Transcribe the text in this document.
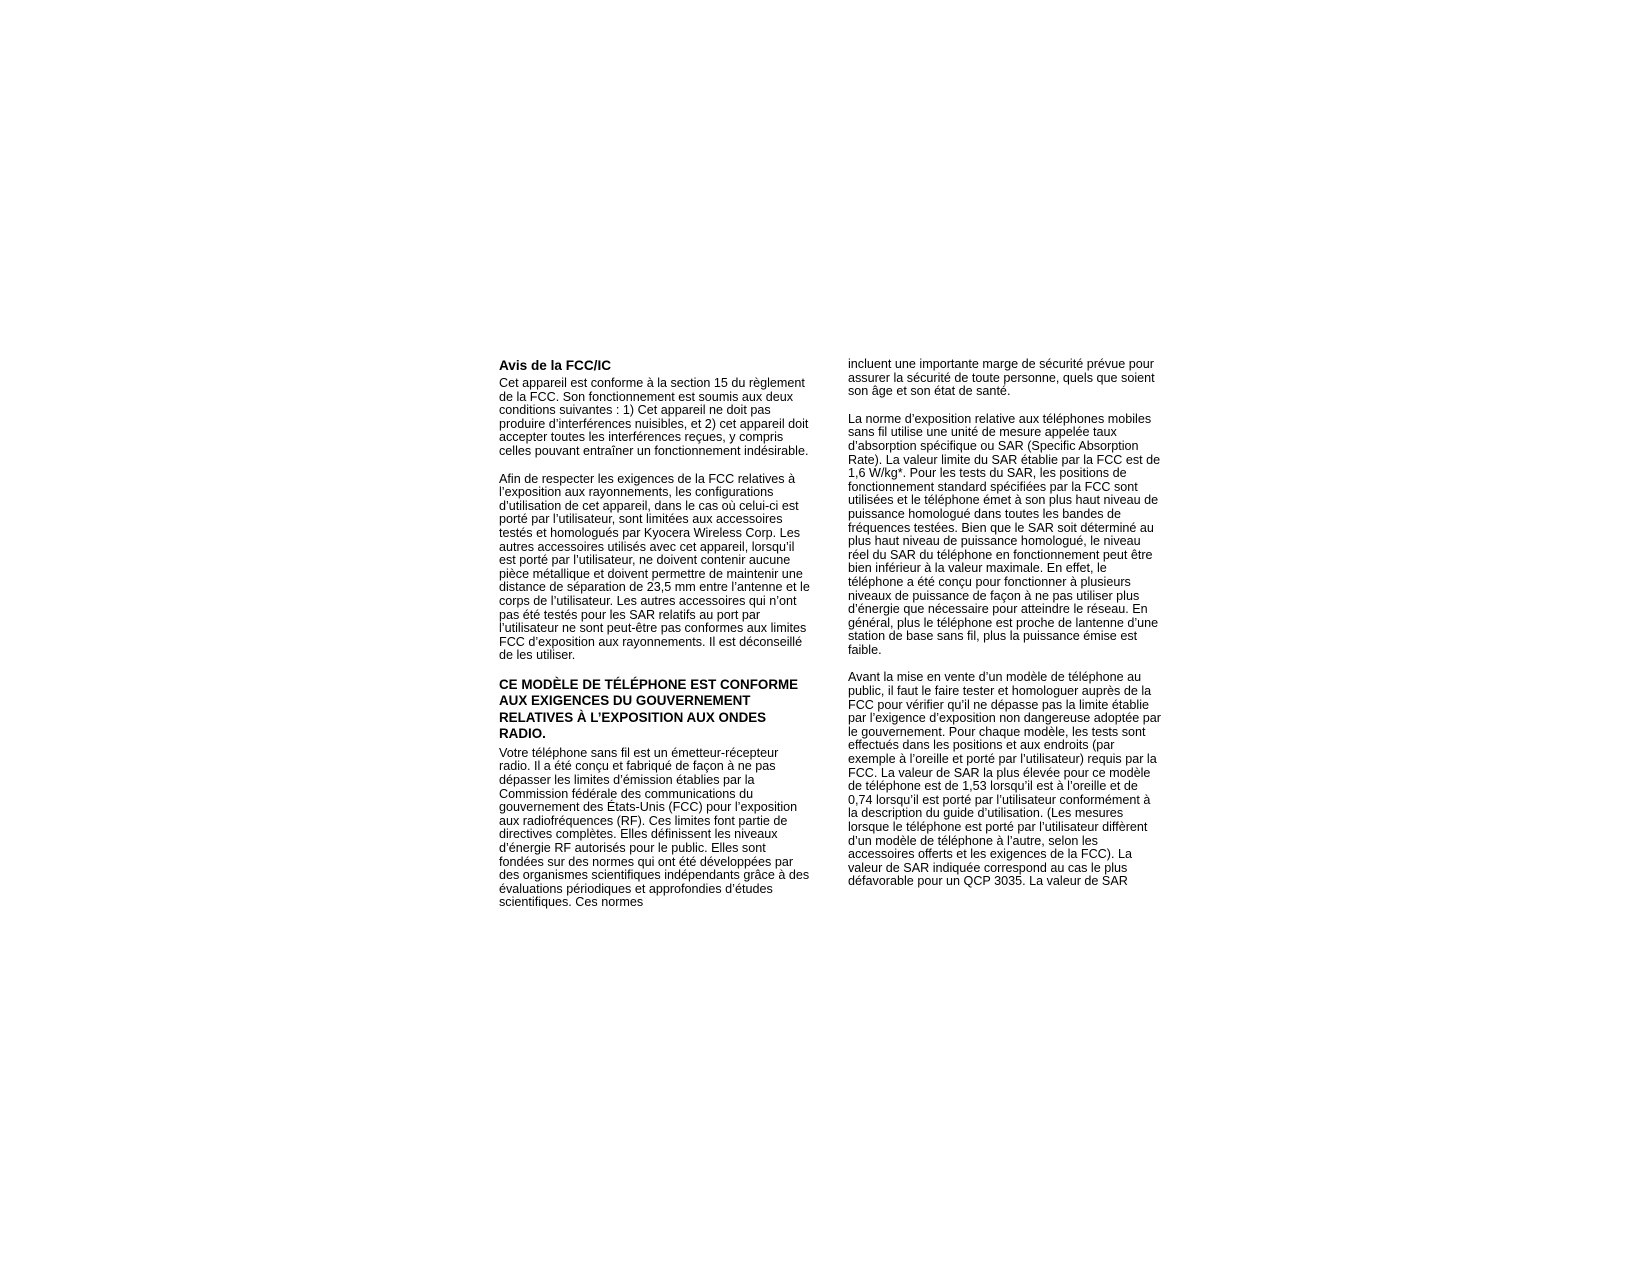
Avis de la FCC/IC

Cet appareil est conforme à la section 15 du règlement de la FCC. Son fonctionnement est soumis aux deux conditions suivantes : 1) Cet appareil ne doit pas produire d’interférences nuisibles, et 2) cet appareil doit accepter toutes les interférences reçues, y compris celles pouvant entraîner un fonctionnement indésirable.

Afin de respecter les exigences de la FCC relatives à l’exposition aux rayonnements, les configurations d’utilisation de cet appareil, dans le cas où celui-ci est porté par l’utilisateur, sont limitées aux accessoires testés et homologués par Kyocera Wireless Corp. Les autres accessoires utilisés avec cet appareil, lorsqu’il est porté par l’utilisateur, ne doivent contenir aucune pièce métallique et doivent permettre de maintenir une distance de séparation de 23,5 mm entre l’antenne et le corps de l’utilisateur. Les autres accessoires qui n’ont pas été testés pour les SAR relatifs au port par l’utilisateur ne sont peut-être pas conformes aux limites FCC d’exposition aux rayonnements. Il est déconseillé de les utiliser.

CE MODÈLE DE TÉLÉPHONE EST CONFORME AUX EXIGENCES DU GOUVERNEMENT RELATIVES À L’EXPOSITION AUX ONDES RADIO.

Votre téléphone sans fil est un émetteur-récepteur radio. Il a été conçu et fabriqué de façon à ne pas dépasser les limites d’émission établies par la Commission fédérale des communications du gouvernement des États-Unis (FCC) pour l’exposition aux radiofréquences (RF). Ces limites font partie de directives complètes. Elles définissent les niveaux d’énergie RF autorisés pour le public. Elles sont fondées sur des normes qui ont été développées par des organismes scientifiques indépendants grâce à des évaluations périodiques et approfondies d’études scientifiques. Ces normes

incluent une importante marge de sécurité prévue pour assurer la sécurité de toute personne, quels que soient son âge et son état de santé.

La norme d’exposition relative aux téléphones mobiles sans fil utilise une unité de mesure appelée taux d’absorption spécifique ou SAR (Specific Absorption Rate). La valeur limite du SAR établie par la FCC est de 1,6 W/kg*. Pour les tests du SAR, les positions de fonctionnement standard spécifiées par la FCC sont utilisées et le téléphone émet à son plus haut niveau de puissance homologué dans toutes les bandes de fréquences testées. Bien que le SAR soit déterminé au plus haut niveau de puissance homologué, le niveau réel du SAR du téléphone en fonctionnement peut être bien inférieur à la valeur maximale. En effet, le téléphone a été conçu pour fonctionner à plusieurs niveaux de puissance de façon à ne pas utiliser plus d’énergie que nécessaire pour atteindre le réseau. En général, plus le téléphone est proche de lantenne d’une station de base sans fil, plus la puissance émise est faible.

Avant la mise en vente d’un modèle de téléphone au public, il faut le faire tester et homologuer auprès de la FCC pour vérifier qu’il ne dépasse pas la limite établie par l’exigence d’exposition non dangereuse adoptée par le gouvernement. Pour chaque modèle, les tests sont effectués dans les positions et aux endroits (par exemple à l’oreille et porté par l’utilisateur) requis par la FCC. La valeur de SAR la plus élevée pour ce modèle de téléphone est de 1,53 lorsqu’il est à l’oreille et de 0,74 lorsqu’il est porté par l’utilisateur conformément à la description du guide d’utilisation. (Les mesures lorsque le téléphone est porté par l’utilisateur diffèrent d’un modèle de téléphone à l’autre, selon les accessoires offerts et les exigences de la FCC). La valeur de SAR indiquée correspond au cas le plus défavorable pour un QCP 3035. La valeur de SAR
